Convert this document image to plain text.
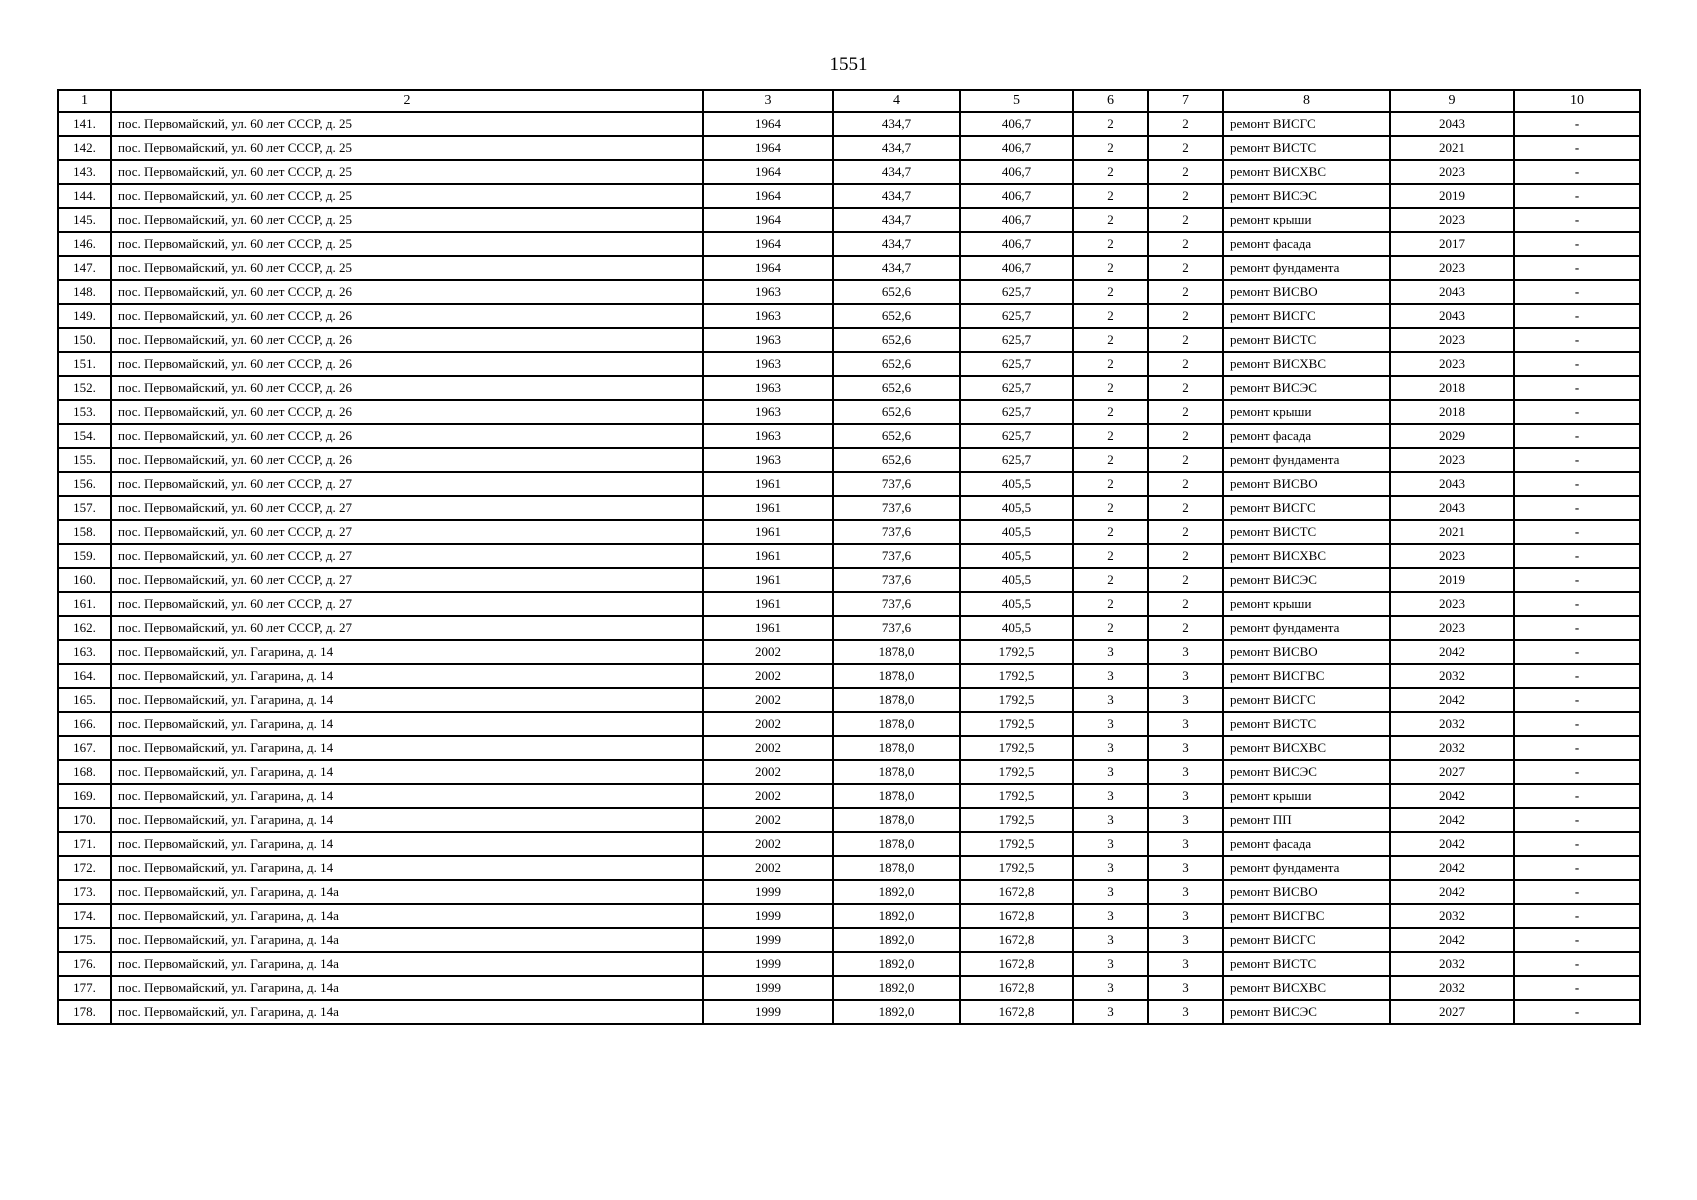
1551
1	2	3	4	5	6	7	8	9	10
141.	пос. Первомайский, ул. 60 лет СССР, д. 25	1964	434,7	406,7	2	2	ремонт ВИСГС	2043	-
142.	пос. Первомайский, ул. 60 лет СССР, д. 25	1964	434,7	406,7	2	2	ремонт ВИСТС	2021	-
143.	пос. Первомайский, ул. 60 лет СССР, д. 25	1964	434,7	406,7	2	2	ремонт ВИСХВС	2023	-
144.	пос. Первомайский, ул. 60 лет СССР, д. 25	1964	434,7	406,7	2	2	ремонт ВИСЭС	2019	-
145.	пос. Первомайский, ул. 60 лет СССР, д. 25	1964	434,7	406,7	2	2	ремонт крыши	2023	-
146.	пос. Первомайский, ул. 60 лет СССР, д. 25	1964	434,7	406,7	2	2	ремонт фасада	2017	-
147.	пос. Первомайский, ул. 60 лет СССР, д. 25	1964	434,7	406,7	2	2	ремонт фундамента	2023	-
148.	пос. Первомайский, ул. 60 лет СССР, д. 26	1963	652,6	625,7	2	2	ремонт ВИСВО	2043	-
149.	пос. Первомайский, ул. 60 лет СССР, д. 26	1963	652,6	625,7	2	2	ремонт ВИСГС	2043	-
150.	пос. Первомайский, ул. 60 лет СССР, д. 26	1963	652,6	625,7	2	2	ремонт ВИСТС	2023	-
151.	пос. Первомайский, ул. 60 лет СССР, д. 26	1963	652,6	625,7	2	2	ремонт ВИСХВС	2023	-
152.	пос. Первомайский, ул. 60 лет СССР, д. 26	1963	652,6	625,7	2	2	ремонт ВИСЭС	2018	-
153.	пос. Первомайский, ул. 60 лет СССР, д. 26	1963	652,6	625,7	2	2	ремонт крыши	2018	-
154.	пос. Первомайский, ул. 60 лет СССР, д. 26	1963	652,6	625,7	2	2	ремонт фасада	2029	-
155.	пос. Первомайский, ул. 60 лет СССР, д. 26	1963	652,6	625,7	2	2	ремонт фундамента	2023	-
156.	пос. Первомайский, ул. 60 лет СССР, д. 27	1961	737,6	405,5	2	2	ремонт ВИСВО	2043	-
157.	пос. Первомайский, ул. 60 лет СССР, д. 27	1961	737,6	405,5	2	2	ремонт ВИСГС	2043	-
158.	пос. Первомайский, ул. 60 лет СССР, д. 27	1961	737,6	405,5	2	2	ремонт ВИСТС	2021	-
159.	пос. Первомайский, ул. 60 лет СССР, д. 27	1961	737,6	405,5	2	2	ремонт ВИСХВС	2023	-
160.	пос. Первомайский, ул. 60 лет СССР, д. 27	1961	737,6	405,5	2	2	ремонт ВИСЭС	2019	-
161.	пос. Первомайский, ул. 60 лет СССР, д. 27	1961	737,6	405,5	2	2	ремонт крыши	2023	-
162.	пос. Первомайский, ул. 60 лет СССР, д. 27	1961	737,6	405,5	2	2	ремонт фундамента	2023	-
163.	пос. Первомайский, ул. Гагарина, д. 14	2002	1878,0	1792,5	3	3	ремонт ВИСВО	2042	-
164.	пос. Первомайский, ул. Гагарина, д. 14	2002	1878,0	1792,5	3	3	ремонт ВИСГВС	2032	-
165.	пос. Первомайский, ул. Гагарина, д. 14	2002	1878,0	1792,5	3	3	ремонт ВИСГС	2042	-
166.	пос. Первомайский, ул. Гагарина, д. 14	2002	1878,0	1792,5	3	3	ремонт ВИСТС	2032	-
167.	пос. Первомайский, ул. Гагарина, д. 14	2002	1878,0	1792,5	3	3	ремонт ВИСХВС	2032	-
168.	пос. Первомайский, ул. Гагарина, д. 14	2002	1878,0	1792,5	3	3	ремонт ВИСЭС	2027	-
169.	пос. Первомайский, ул. Гагарина, д. 14	2002	1878,0	1792,5	3	3	ремонт крыши	2042	-
170.	пос. Первомайский, ул. Гагарина, д. 14	2002	1878,0	1792,5	3	3	ремонт ПП	2042	-
171.	пос. Первомайский, ул. Гагарина, д. 14	2002	1878,0	1792,5	3	3	ремонт фасада	2042	-
172.	пос. Первомайский, ул. Гагарина, д. 14	2002	1878,0	1792,5	3	3	ремонт фундамента	2042	-
173.	пос. Первомайский, ул. Гагарина, д. 14а	1999	1892,0	1672,8	3	3	ремонт ВИСВО	2042	-
174.	пос. Первомайский, ул. Гагарина, д. 14а	1999	1892,0	1672,8	3	3	ремонт ВИСГВС	2032	-
175.	пос. Первомайский, ул. Гагарина, д. 14а	1999	1892,0	1672,8	3	3	ремонт ВИСГС	2042	-
176.	пос. Первомайский, ул. Гагарина, д. 14а	1999	1892,0	1672,8	3	3	ремонт ВИСТС	2032	-
177.	пос. Первомайский, ул. Гагарина, д. 14а	1999	1892,0	1672,8	3	3	ремонт ВИСХВС	2032	-
178.	пос. Первомайский, ул. Гагарина, д. 14а	1999	1892,0	1672,8	3	3	ремонт ВИСЭС	2027	-
